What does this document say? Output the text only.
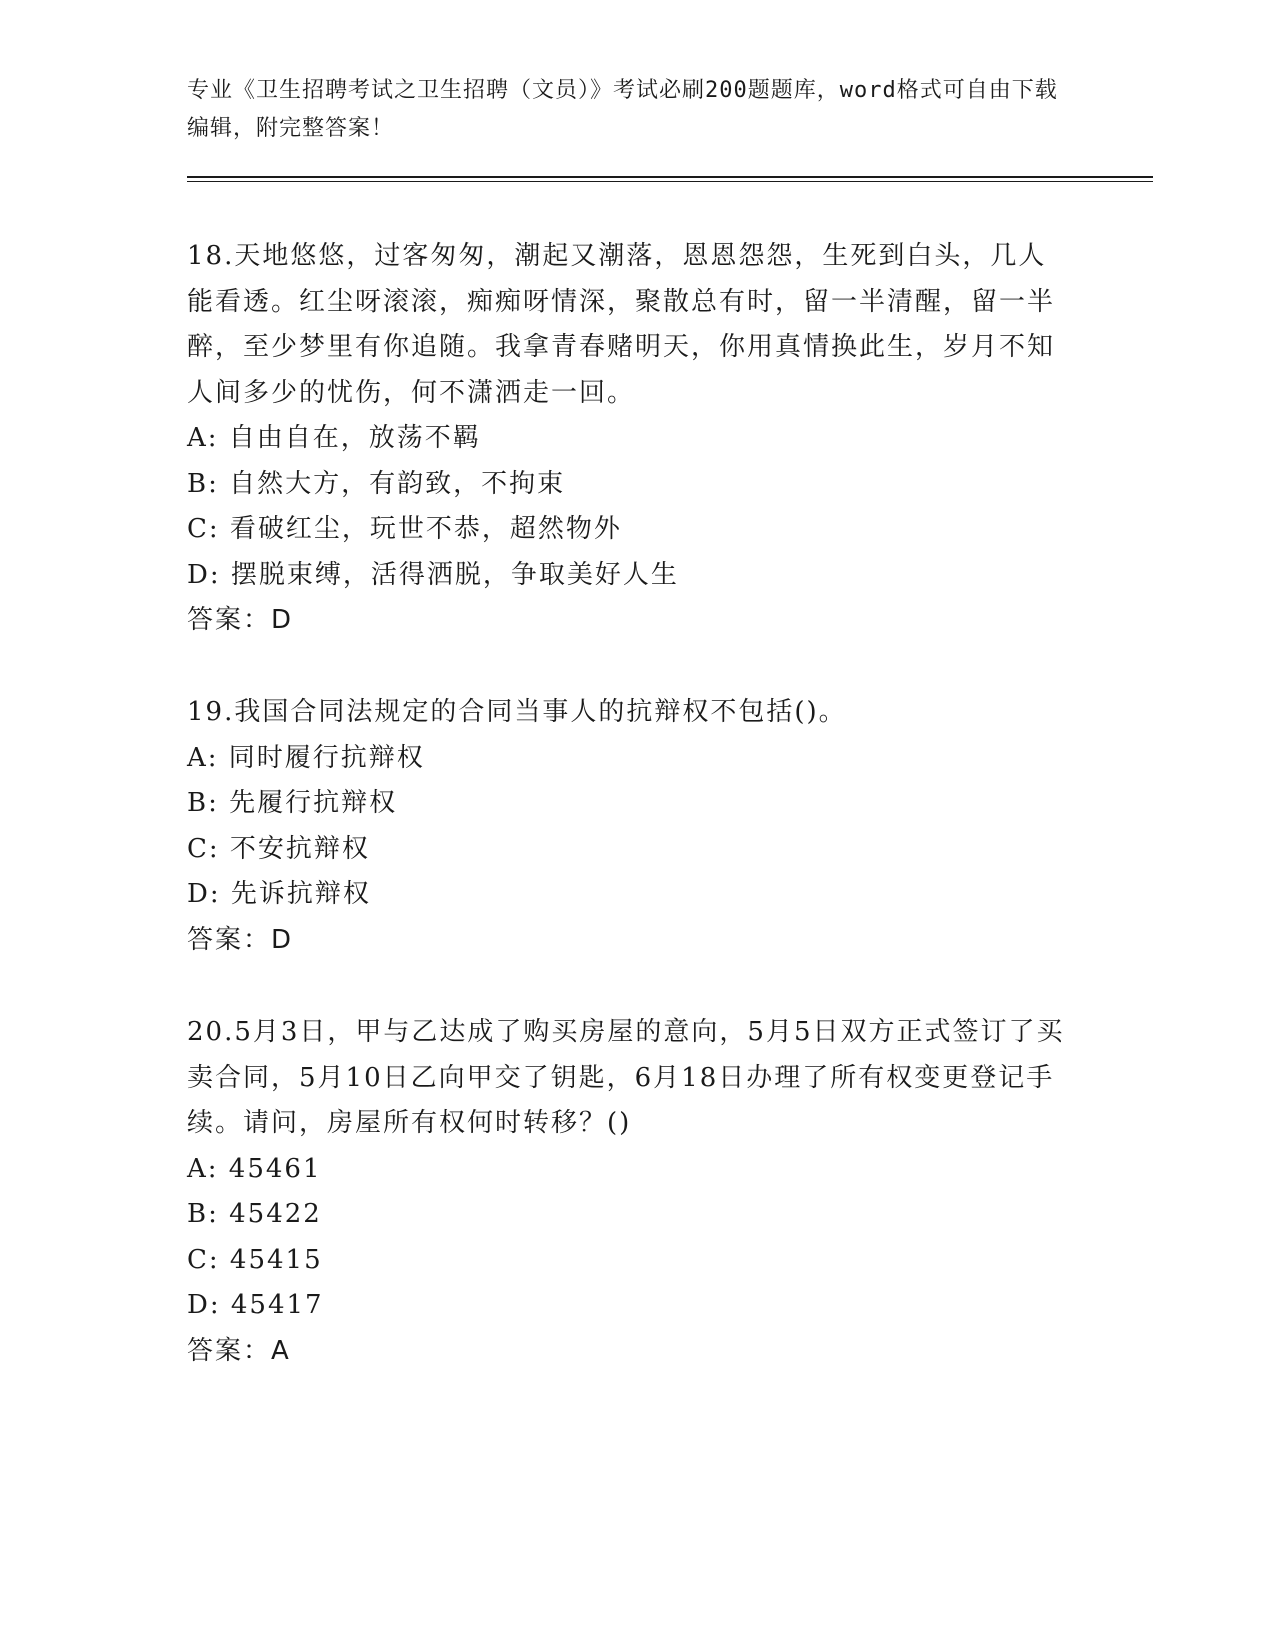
专业《卫生招聘考试之卫生招聘（文员）》考试必刷200题题库，word格式可自由下载编辑，附完整答案！

18.天地悠悠，过客匆匆，潮起又潮落，恩恩怨怨，生死到白头，几人能看透。红尘呀滚滚，痴痴呀情深，聚散总有时，留一半清醒，留一半醉，至少梦里有你追随。我拿青春赌明天，你用真情换此生，岁月不知人间多少的忧伤，何不潇洒走一回。

A: 自由自在，放荡不羁

B: 自然大方，有韵致，不拘束

C: 看破红尘，玩世不恭，超然物外

D: 摆脱束缚，活得洒脱，争取美好人生

答案：D

19.我国合同法规定的合同当事人的抗辩权不包括()。

A: 同时履行抗辩权

B: 先履行抗辩权

C: 不安抗辩权

D: 先诉抗辩权

答案：D

20.5月3日，甲与乙达成了购买房屋的意向，5月5日双方正式签订了买卖合同，5月10日乙向甲交了钥匙，6月18日办理了所有权变更登记手续。请问，房屋所有权何时转移？()

A: 45461

B: 45422

C: 45415

D: 45417

答案：A
